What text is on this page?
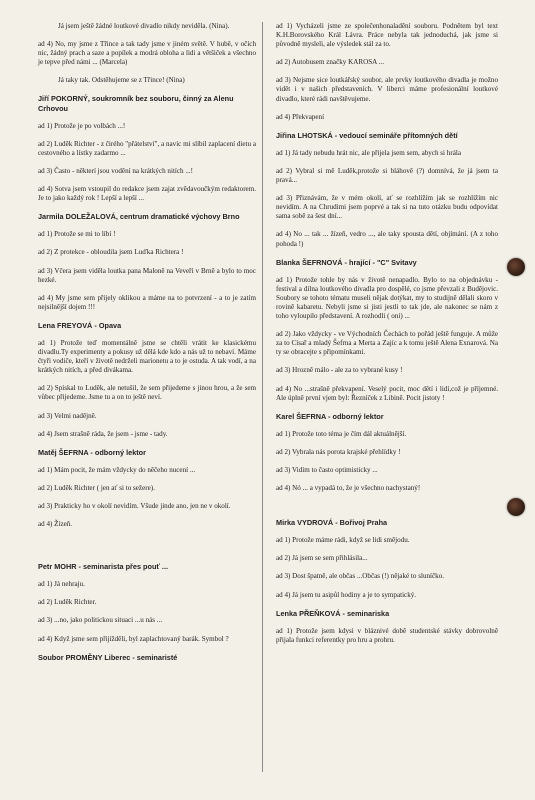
Já jsem ještě žádné loutkové divadlo nikdy neviděla. (Nina).

ad 4) No, my jsme z Třince a tak tady jsme v jiném světě. V hubě, v očích nic, žádný prach a saze a popílek a modrá obloha a lidi a většiček a všechno je tepve před námi ... (Marcela)

Já taky tak. Odstěhujeme se z Třince! (Nina)

Jiří POKORNÝ, soukromník bez souboru, činný za Alenu Crhovou

ad 1) Protože je po volbách ...!

ad 2) Luděk Richter - z čirého "přátelství", a navíc mi slíbil zaplacení dietu a cestovného a lístky zadarmo ...

ad 3) Často - některí jsou vodění na krátkých nitích ...!

ad 4) Sotva jsem vstoupil do redakce jsem zajat zvědavoučkým redaktorem. Je to jako každý rok ! Lepší a lepší ...

Jarmila DOLEŽALOVÁ, centrum dramatické výchovy Brno

ad 1) Protože se mi to líbí !

ad 2) Z protekce - obloudila jsem Luďka Richtera !

ad 3) Včera jsem viděla loutka pana Maloně na Veveří v Brně a bylo to moc hezké.

ad 4) My jsme sem přijely oklikou a máme na to potvrzení - a to je zatím nejsilnější dojem !!!

Lena FREYOVÁ - Opava

ad 1) Protože teď momentálně jsme se chtěli vrátit ke klasickému divadlu.Ty experimenty a pokusy už dělá kde kdo a nás už to nebaví. Máme čtyři vodiče, kteří v životě nedrželi marionetu a to je ostuda. A tak vodí, a na krátkých nitích, a před divákama.

ad 2) Spískal to Luděk, ale netušil, že sem přijedeme s jinou hrou, a že sem vůbec přijedeme. Jsme tu a on to ještě neví.

ad 3) Velmi nadějně.

ad 4) Jsem strašně ráda, že jsem - jsme - tady.

Matěj ŠEFRNA - odborný lektor

ad 1) Mám pocit, že mám vždycky do něčeho nucení ...

ad 2) Luděk Richter ( jen ať si to sežere).

ad 3) Prakticky ho v okolí nevidím. Všude jinde ano, jen ne v okolí.

ad 4) Žízeň.

Petr MOHR - seminarista přes pouť ...

ad 1) Já nehraju.

ad 2) Luděk Richter.

ad 3) ...no, jako politickou situaci ...u nás ...

ad 4) Když jsme sem přijížděli, byl zaplachtovaný barák. Symbol ?

Soubor PROMĚNY Liberec - seminaristé

ad 1) Vycházeli jsme ze společenhonaladění souboru. Podnětem byl text K.H.Borovského Král Lávra. Práce nebyla tak jednoduchá, jak jsme si původně mysleli, ale výsledek stál za to.

ad 2) Autobusem značky KAROSA ...

ad 3) Nejsme sice loutkářský soubor, ale prvky loutkového divadla je možno vidět i v našich představeních. V liberci máme profesionální loutkové divadlo, které rádi navštěvujeme.

ad 4) Překvapení

Jiřina LHOTSKÁ - vedoucí semináře přítomných dětí

ad 1) Já tady nebudu hrát nic, ale přijela jsem sem, abych si hrála

ad 2) Vybral si mě Luděk,protože si bláhově (?) domnívá, že já jsem ta pravá...

ad 3) Přiznávám, že v mém okolí, ať se rozhlížím jak se rozhlížím nic nevidím. A na Chrudimi jsem poprvé a tak si na tuto otázku budu odpovídat sama sobě za šest dní...

ad 4) No ... tak ... žízeň, vedro ..., ale taky spousta dětí, objímání. (A z toho pohoda !)

Blanka ŠEFRNOVÁ - hrající - "C" Svitavy

ad 1) Protože tohle by nás v životě nenapadlo. Bylo to na objednávku - festival a dílna loutkového divadla pro dospělé, co jsme převzali z Budějovic. Soubory se tohoto tématu museli nějak dotýkat, my to studijně dělali skoro v rovině kabaretu. Nebyli jsme si jisti jestli to tak jde, ale nakonec se nám z toho vyloupilo představení. A rozhodli ( oni) ...

ad 2) Jako vždycky - ve Východních Čechách to pořád ještě funguje. A může za to Císař a mladý Šefrna a Merta a Zajíc a k tomu ještě Alena Exnarová. Na ty se obracejte s připomínkami.

ad 3) Hrozně málo - ale za to vybrané kusy !

ad 4) No ...strašně překvapení. Veselý pocit, moc dětí i lidí,což je příjemné. Ale úplně první vjem byl: Řezníček z Libině. Pocit jistoty !

Karel ŠEFRNA - odborný lektor

ad 1) Protože toto téma je čím dál aktuálnější.

ad 2) Vybrala nás porota krajské přehlídky !

ad 3) Vidím to často optimisticky ...

ad 4) Nó ... a vypadá to, že je všechno nachystaný!

Mirka VYDROVÁ - Bořivoj Praha

ad 1) Protože máme rádi, když se lidi smějodu.

ad 2) Já jsem se sem přihlásila...

ad 3) Dost špatně, ale občas ...Občas (!) nějaké to sluníčko.

ad 4) Já jsem tu asipůl hodiny a je to sympatický.

Lenka PŘEŇKOVÁ - seminariska

ad 1) Protože jsem kdysi v bláznivé době studentské stávky dobrovolně přijala funkci referentky pro hru a prohru.
